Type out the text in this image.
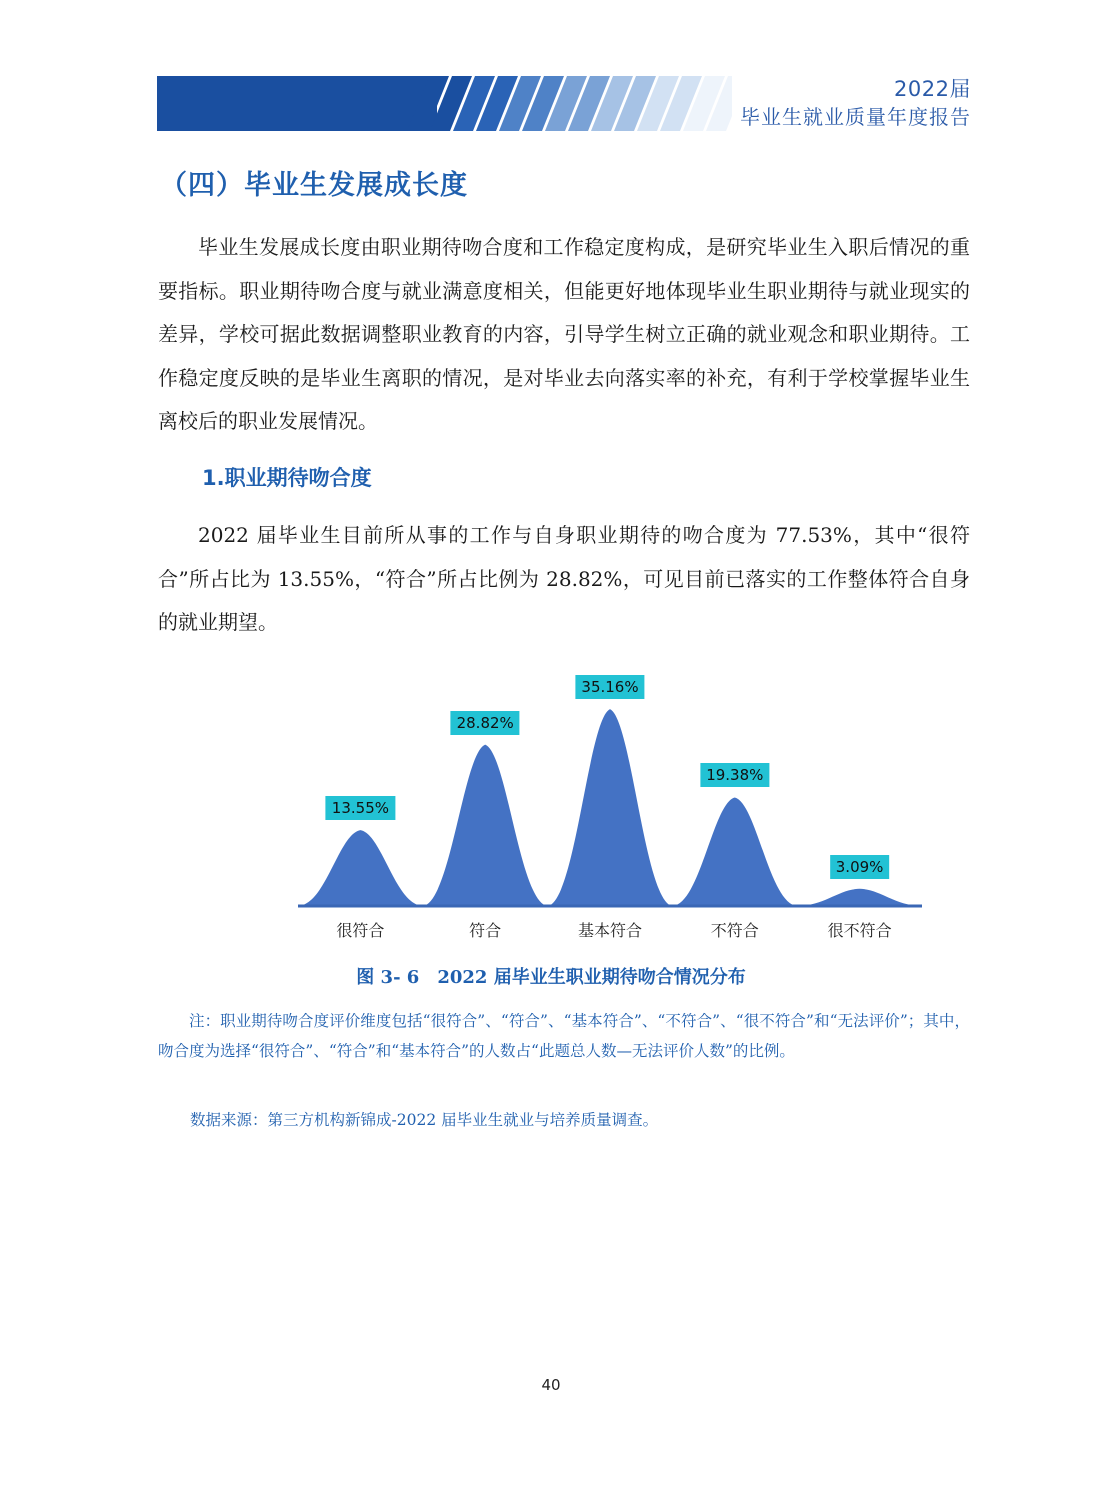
2022届
毕业生就业质量年度报告
（四）毕业生发展成长度

毕业生发展成长度由职业期待吻合度和工作稳定度构成，是研究毕业生入职后情况的重要指标。职业期待吻合度与就业满意度相关，但能更好地体现毕业生职业期待与就业现实的差异，学校可据此数据调整职业教育的内容，引导学生树立正确的就业观念和职业期待。工作稳定度反映的是毕业生离职的情况，是对毕业去向落实率的补充，有利于学校掌握毕业生离校后的职业发展情况。

1.职业期待吻合度

2022 届毕业生目前所从事的工作与自身职业期待的吻合度为 77.53%，其中“很符合”所占比为 13.55%，“符合”所占比例为 28.82%，可见目前已落实的工作整体符合自身的就业期望。

13.55%
很符合
28.82%
符合
35.16%
基本符合
19.38%
不符合
3.09%
很不符合
图 3- 6　2022 届毕业生职业期待吻合情况分布

注：职业期待吻合度评价维度包括“很符合”、“符合”、“基本符合”、“不符合”、“很不符合”和“无法评价”；其中，吻合度为选择“很符合”、“符合”和“基本符合”的人数占“此题总人数—无法评价人数”的比例。

数据来源：第三方机构新锦成-2022 届毕业生就业与培养质量调查。
40
